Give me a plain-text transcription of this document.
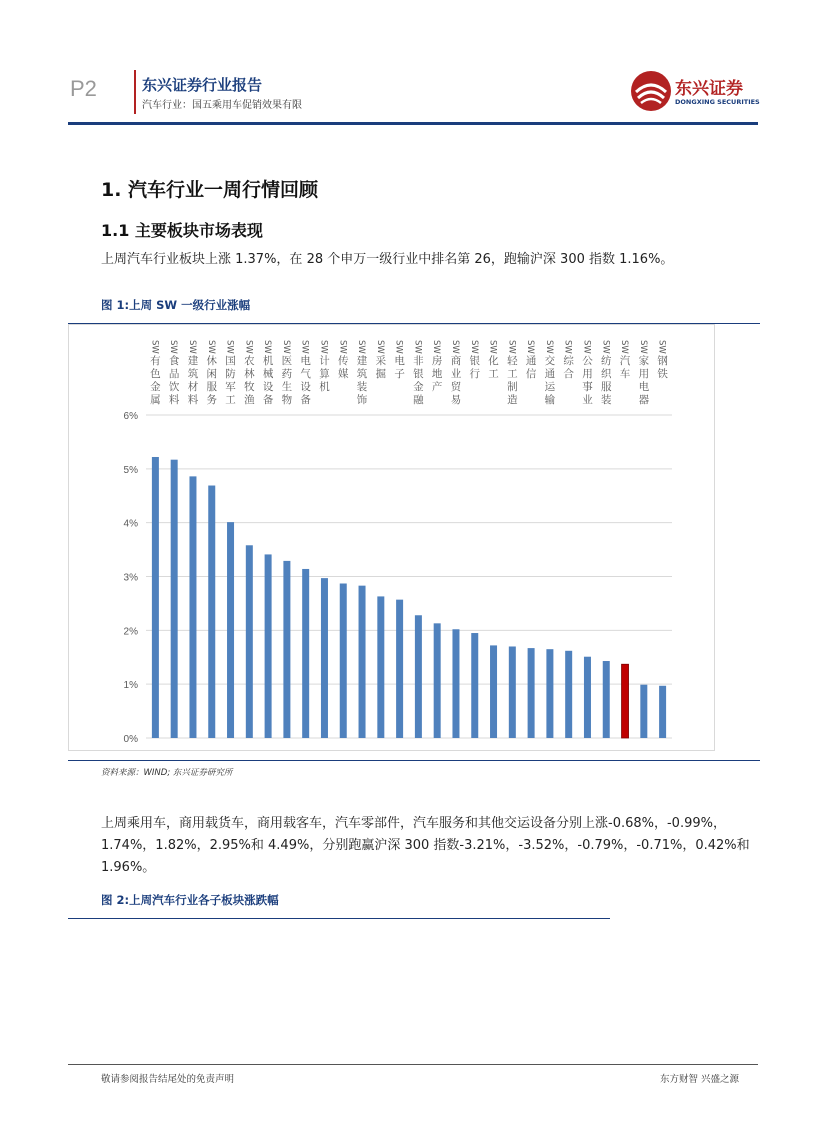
P2	东兴证券行业报告
汽车行业：国五乘用车促销效果有限
东兴证券
DONGXING SECURITIES
1. 汽车行业一周行情回顾
1.1 主要板块市场表现
上周汽车行业板块上涨 1.37%，在 28 个申万一级行业中排名第 26，跑输沪深 300 指数 1.16%。
图 1:上周 SW 一级行业涨幅
0%
1%
2%
3%
4%
5%
6%
SW
有色金属
SW
食品饮料
SW
建筑材料
SW
休闲服务
SW
国防军工
SW
农林牧渔
SW
机械设备
SW
医药生物
SW
电气设备
SW
计算机
SW
传媒
SW
建筑装饰
SW
采掘
SW
电子
SW
非银金融
SW
房地产
SW
商业贸易
SW
银行
SW
化工
SW
轻工制造
SW
通信
SW
交通运输
SW
综合
SW
公用事业
SW
纺织服装
SW
汽车
SW
家用电器
SW
钢铁
资料来源：WIND; 东兴证券研究所
上周乘用车，商用载货车，商用载客车，汽车零部件，汽车服务和其他交运设备分别上涨-0.68%，-0.99%，1.74%，1.82%，2.95%和 4.49%，分别跑赢沪深 300 指数-3.21%，-3.52%，-0.79%，-0.71%，0.42%和 1.96%。
图 2:上周汽车行业各子板块涨跌幅
敬请参阅报告结尾处的免责声明	东方财智 兴盛之源
